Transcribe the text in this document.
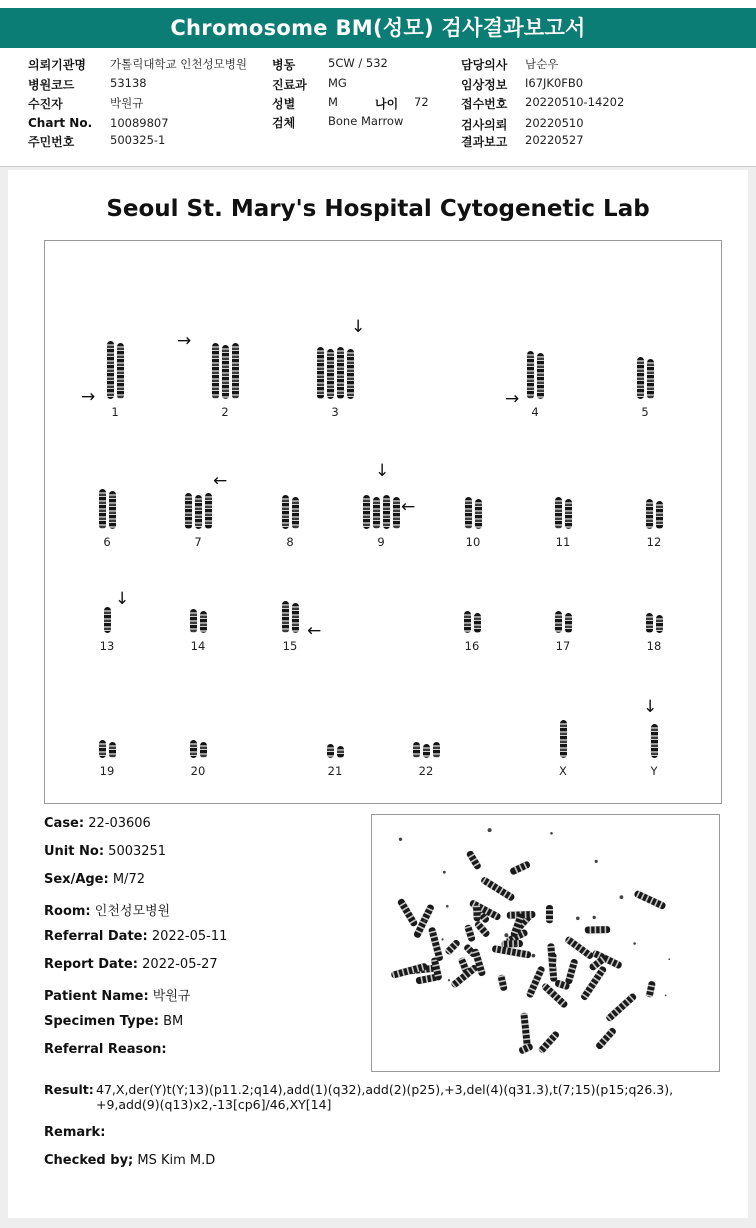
Chromosome BM(성모) 검사결과보고서
의뢰기관명 가톨릭대학교 인천성모병원
병원코드	53138
수진자	박원규
Chart No. 10089807
주민번호	500325-1
병동	5CW / 532
진료과 MG
성별	M	나이 72
검체	Bone Marrow
담당의사 남순우
임상정보 I67JK0FB0
접수번호 20220510-14202
검사의뢰 20220510
결과보고 20220527
Seoul St. Mary's Hospital Cytogenetic Lab
1	2	3	4	5
6	7	8	9	10	11	12
13	14	15	16	17	18
19	20	21	22	X	Y
→
→
↓
→
←	↓
←
↓
←
↓
Case: 22-03606
Unit No: 5003251
Sex/Age: M/72
Room: 인천성모병원
Referral Date: 2022-05-11
Report Date: 2022-05-27
Patient Name: 박원규
Specimen Type: BM
Referral Reason:
Result: 47,X,der(Y)t(Y;13)(p11.2;q14),add(1)(q32),add(2)(p25),+3,del(4)(q31.3),t(7;15)(p15;q26.3),
+9,add(9)(q13)x2,-13[cp6]/46,XY[14]
Remark:
Checked by; MS Kim M.D
